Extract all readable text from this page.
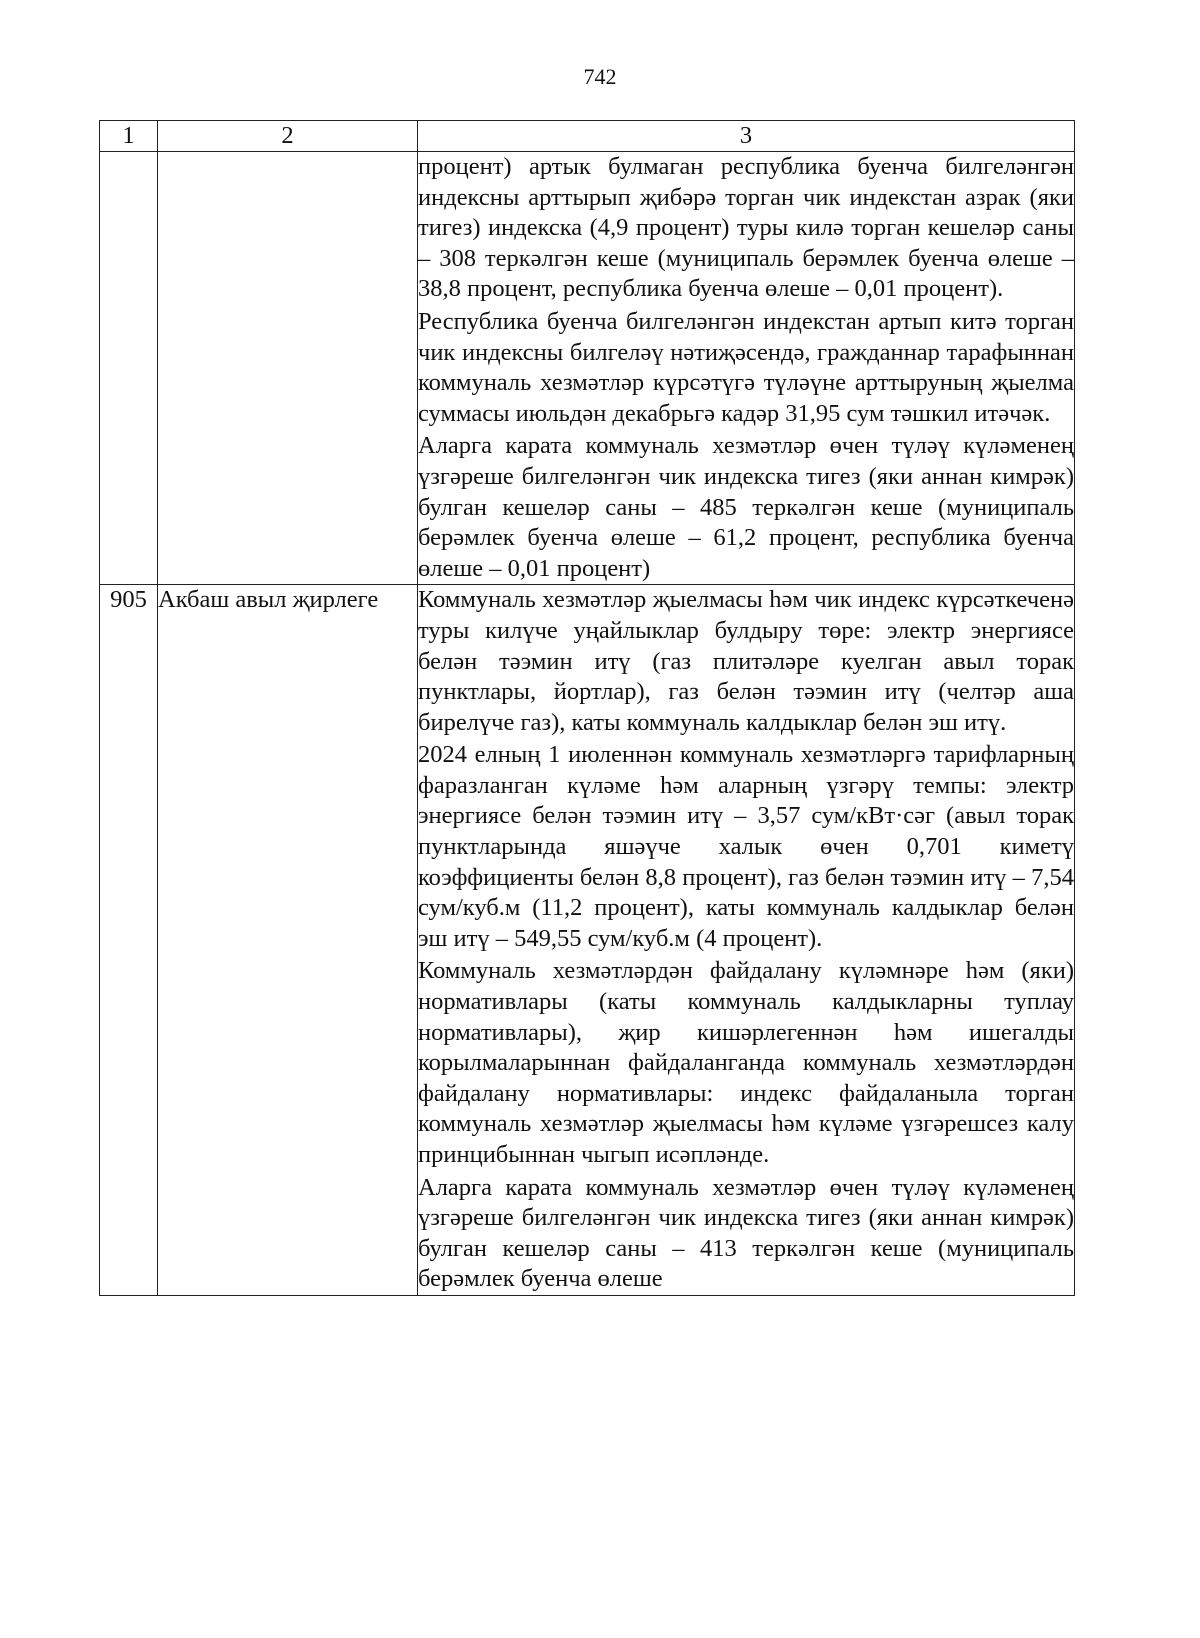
742
1	2	3

		процент) артык булмаган республика буенча билгеләнгән индексны арттырып җибәрә торган чик индекстан азрак (яки тигез) индекска (4,9 процент) туры килә торган кешеләр саны – 308 теркәлгән кеше (муниципаль берәмлек буенча өлеше – 38,8 процент, республика буенча өлеше – 0,01 процент).
Республика буенча билгеләнгән индекстан артып китә торган чик индексны билгеләү нәтиҗәсендә, гражданнар тарафыннан коммуналь хезмәтләр күрсәтүгә түләүне арттыруның җыелма суммасы июльдән декабрьгә кадәр 31,95 сум тәшкил итәчәк.
Аларга карата коммуналь хезмәтләр өчен түләү күләменең үзгәреше билгеләнгән чик индекска тигез (яки аннан кимрәк) булган кешеләр саны – 485 теркәлгән кеше (муниципаль берәмлек буенча өлеше – 61,2 процент, республика буенча өлеше – 0,01 процент)

905	Акбаш авыл җирлеге	Коммуналь хезмәтләр җыелмасы һәм чик индекс күрсәткеченә туры килүче уңайлыклар булдыру төре: электр энергиясе белән тәэмин итү (газ плитәләре куелган авыл торак пунктлары, йортлар), газ белән тәэмин итү (челтәр аша бирелүче газ), каты коммуналь калдыклар белән эш итү.
2024 елның 1 июленнән коммуналь хезмәтләргә тарифларның фаразланган күләме һәм аларның үзгәрү темпы: электр энергиясе белән тәэмин итү – 3,57 сум/кВт·сәг (авыл торак пунктларында яшәүче халык өчен 0,701 киметү коэффициенты белән 8,8 процент), газ белән тәэмин итү – 7,54 сум/куб.м (11,2 процент), каты коммуналь калдыклар белән эш итү – 549,55 сум/куб.м (4 процент).
Коммуналь хезмәтләрдән файдалану күләмнәре һәм (яки) нормативлары (каты коммуналь калдыкларны туплау нормативлары), җир кишәрлегеннән һәм ишегалды корылмаларыннан файдаланганда коммуналь хезмәтләрдән файдалану нормативлары: индекс файдаланыла торган коммуналь хезмәтләр җыелмасы һәм күләме үзгәрешсез калу принцибыннан чыгып исәпләнде.
Аларга карата коммуналь хезмәтләр өчен түләү күләменең үзгәреше билгеләнгән чик индекска тигез (яки аннан кимрәк) булган кешеләр саны – 413 теркәлгән кеше (муниципаль берәмлек буенча өлеше
